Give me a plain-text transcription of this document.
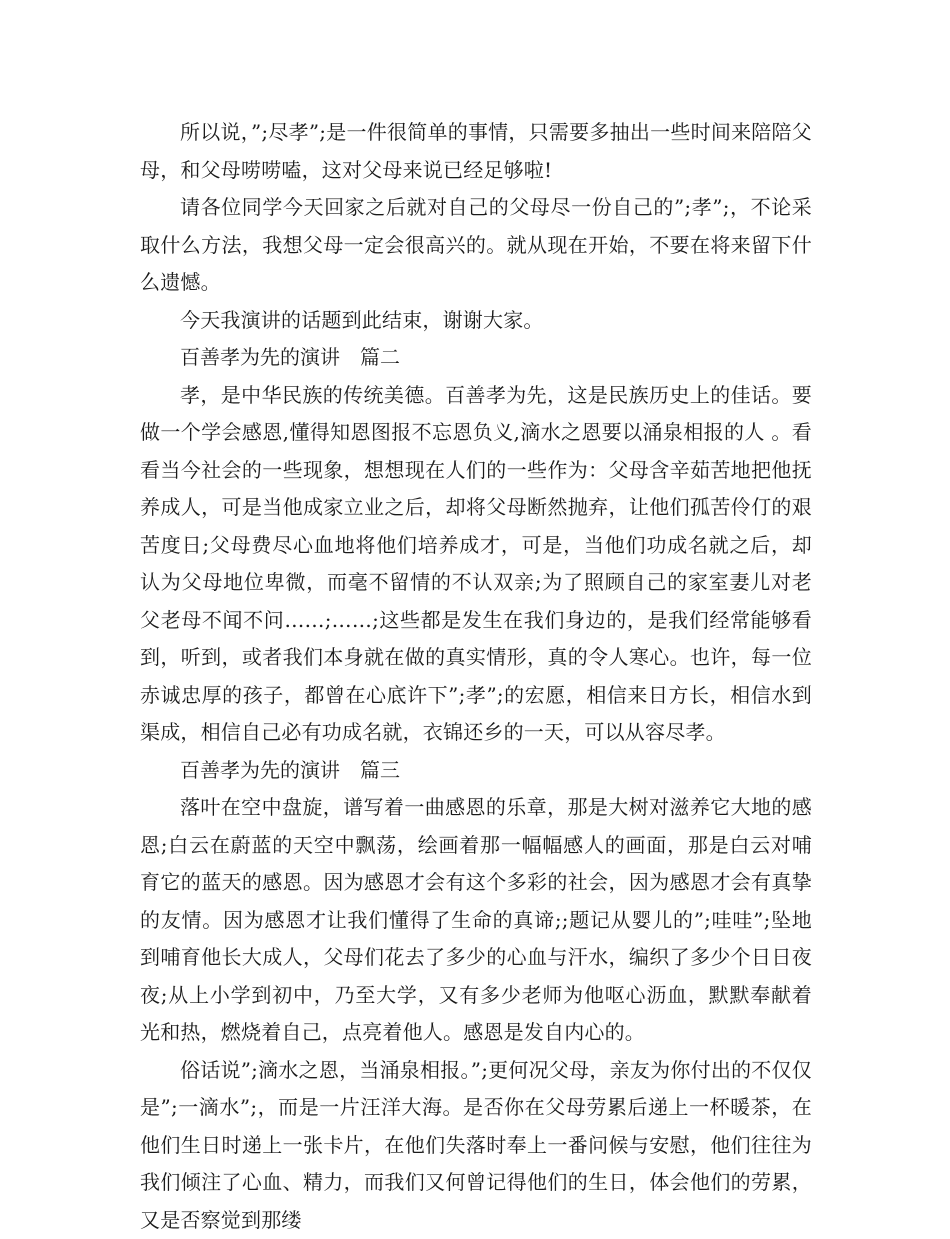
所以说，”;尽孝”;是一件很简单的事情，只需要多抽出一些时间来陪陪父母，和父母唠唠嗑，这对父母来说已经足够啦!

请各位同学今天回家之后就对自己的父母尽一份自己的”;孝”;，不论采取什么方法，我想父母一定会很高兴的。就从现在开始，不要在将来留下什么遗憾。

今天我演讲的话题到此结束，谢谢大家。

百善孝为先的演讲　篇二

孝，是中华民族的传统美德。百善孝为先，这是民族历史上的佳话。要做一个学会感恩,懂得知恩图报不忘恩负义,滴水之恩要以涌泉相报的人 。看看当今社会的一些现象，想想现在人们的一些作为：父母含辛茹苦地把他抚养成人，可是当他成家立业之后，却将父母断然抛弃，让他们孤苦伶仃的艰苦度日;父母费尽心血地将他们培养成才，可是，当他们功成名就之后，却认为父母地位卑微，而毫不留情的不认双亲;为了照顾自己的家室妻儿对老父老母不闻不问……;……;这些都是发生在我们身边的，是我们经常能够看到，听到，或者我们本身就在做的真实情形，真的令人寒心。也许，每一位赤诚忠厚的孩子，都曾在心底许下”;孝”;的宏愿，相信来日方长，相信水到渠成，相信自己必有功成名就，衣锦还乡的一天，可以从容尽孝。

百善孝为先的演讲　篇三

落叶在空中盘旋，谱写着一曲感恩的乐章，那是大树对滋养它大地的感恩;白云在蔚蓝的天空中飘荡，绘画着那一幅幅感人的画面，那是白云对哺育它的蓝天的感恩。因为感恩才会有这个多彩的社会，因为感恩才会有真挚的友情。因为感恩才让我们懂得了生命的真谛;;题记从婴儿的”;哇哇”;坠地到哺育他长大成人，父母们花去了多少的心血与汗水，编织了多少个日日夜夜;从上小学到初中，乃至大学，又有多少老师为他呕心沥血，默默奉献着光和热，燃烧着自己，点亮着他人。感恩是发自内心的。

俗话说”;滴水之恩，当涌泉相报。”;更何况父母，亲友为你付出的不仅仅是”;一滴水”;，而是一片汪洋大海。是否你在父母劳累后递上一杯暖茶，在他们生日时递上一张卡片，在他们失落时奉上一番问候与安慰，他们往往为我们倾注了心血、精力，而我们又何曾记得他们的生日，体会他们的劳累，又是否察觉到那缕
